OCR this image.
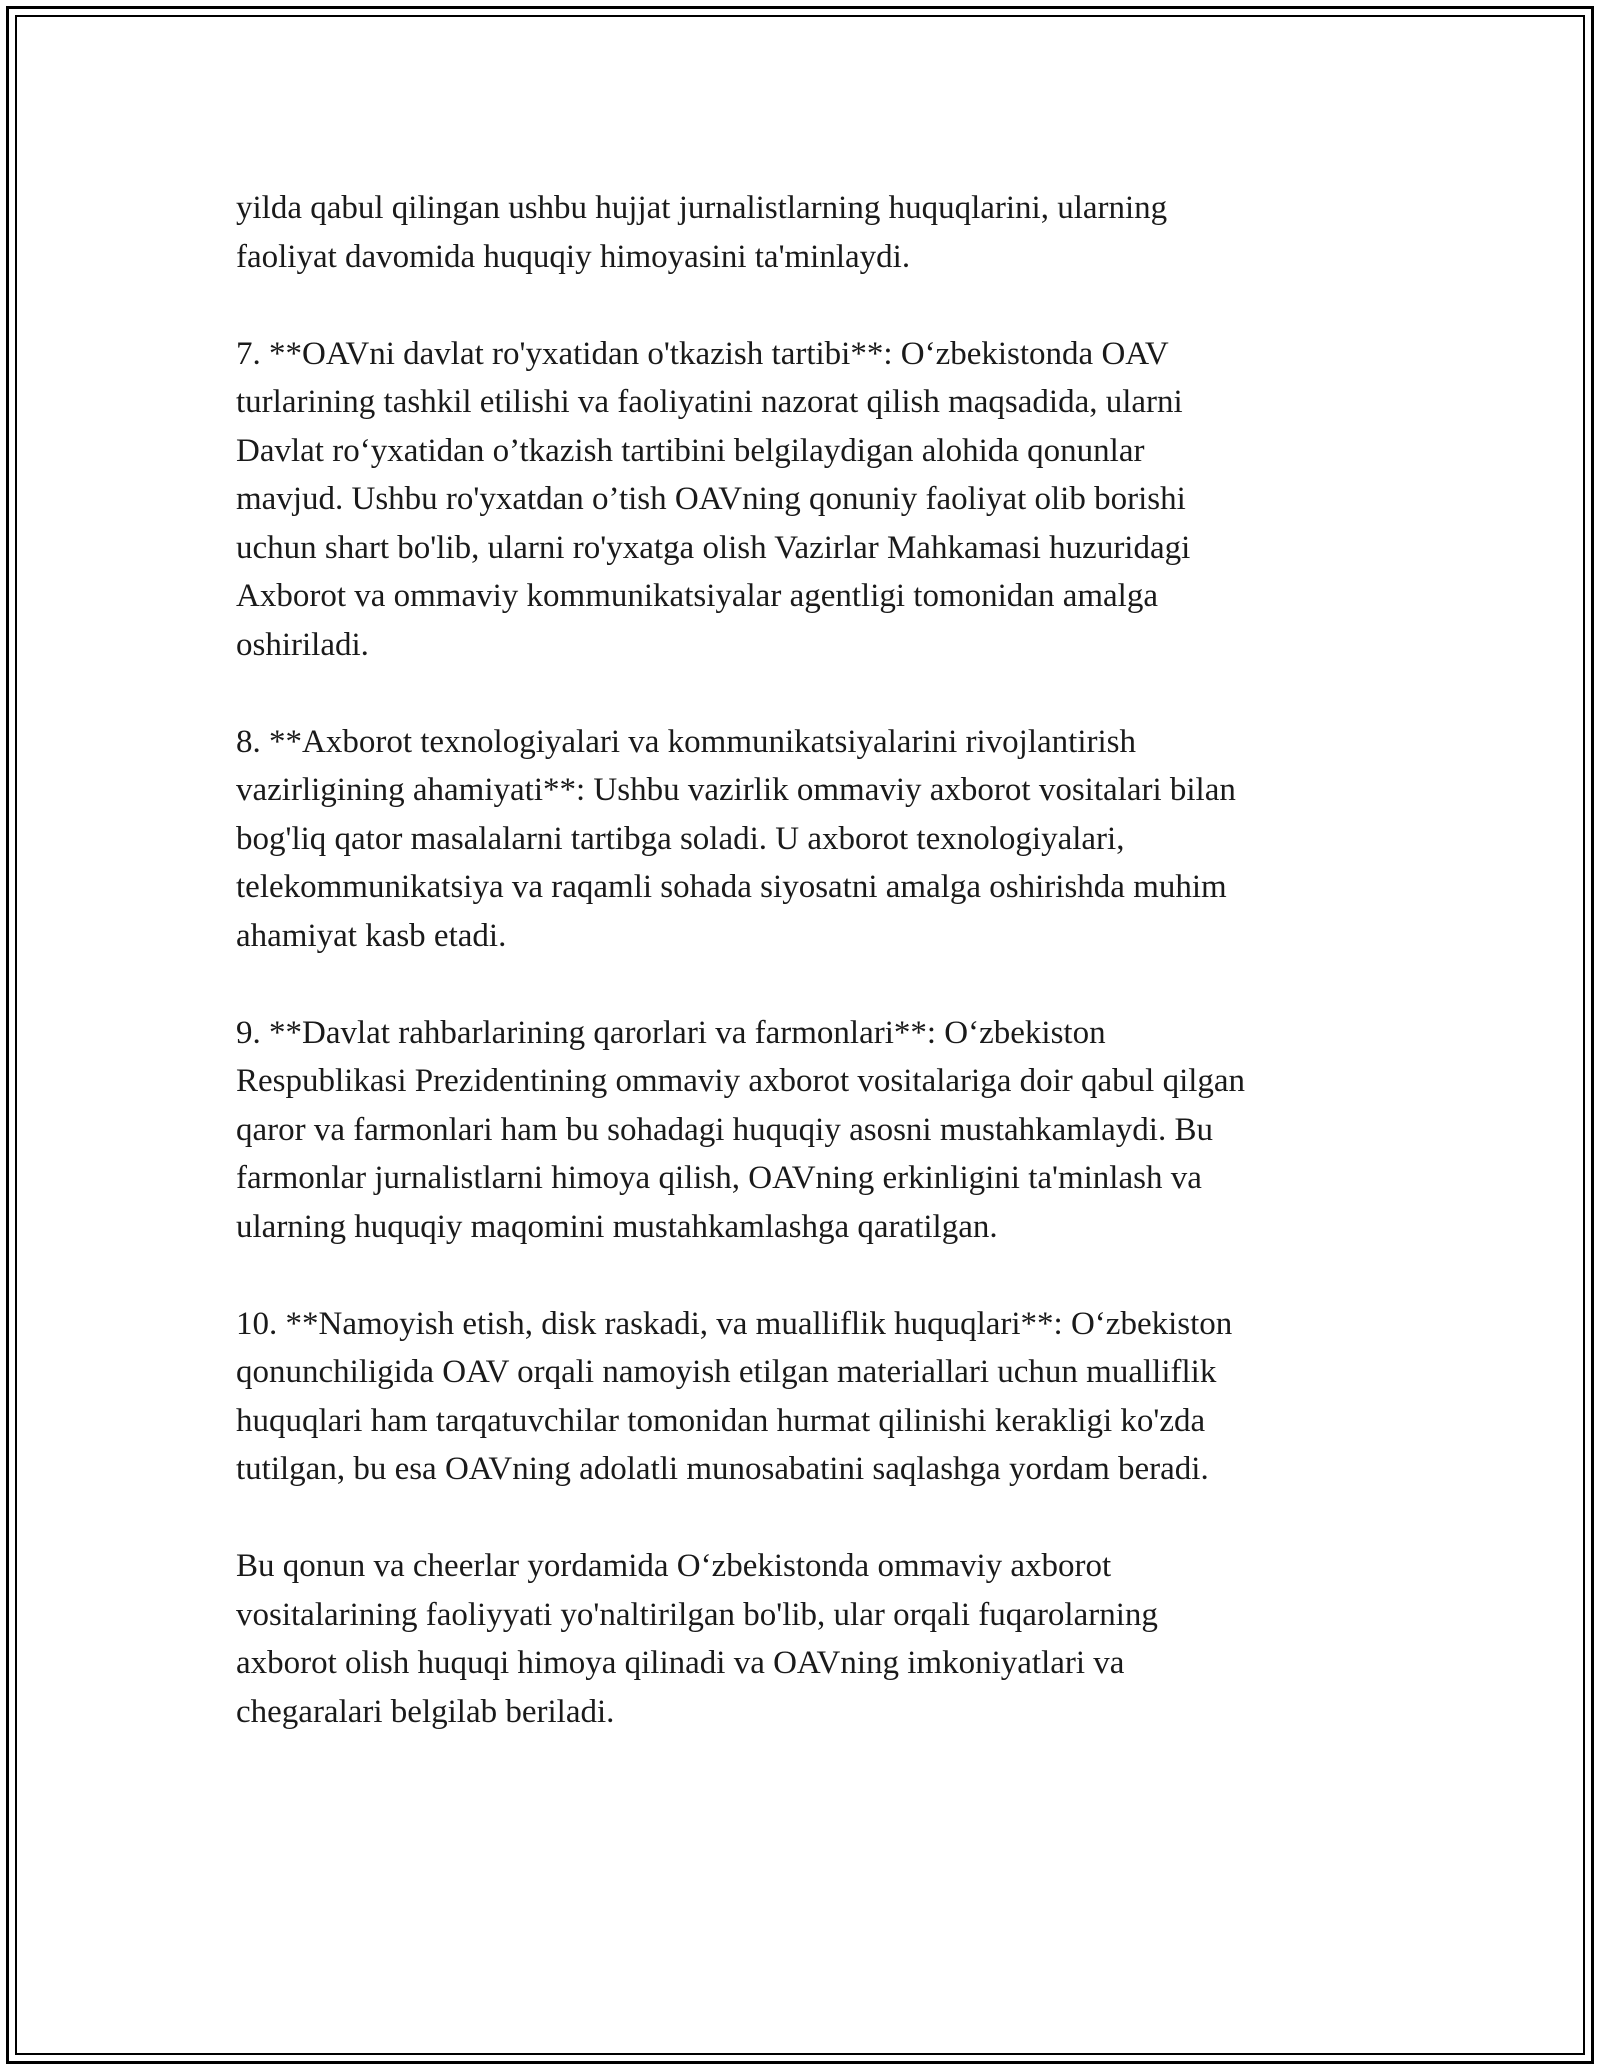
yilda qabul qilingan ushbu hujjat jurnalistlarning huquqlarini, ularning
faoliyat davomida huquqiy himoyasini ta'minlaydi.

7. **OAVni davlat ro'yxatidan o'tkazish tartibi**: O‘zbekistonda OAV
turlarining tashkil etilishi va faoliyatini nazorat qilish maqsadida, ularni
Davlat ro‘yxatidan o’tkazish tartibini belgilaydigan alohida qonunlar
mavjud. Ushbu ro'yxatdan o’tish OAVning qonuniy faoliyat olib borishi
uchun shart bo'lib, ularni ro'yxatga olish Vazirlar Mahkamasi huzuridagi
Axborot va ommaviy kommunikatsiyalar agentligi tomonidan amalga
oshiriladi.

8. **Axborot texnologiyalari va kommunikatsiyalarini rivojlantirish
vazirligining ahamiyati**: Ushbu vazirlik ommaviy axborot vositalari bilan
bog'liq qator masalalarni tartibga soladi. U axborot texnologiyalari,
telekommunikatsiya va raqamli sohada siyosatni amalga oshirishda muhim
ahamiyat kasb etadi.

9. **Davlat rahbarlarining qarorlari va farmonlari**: O‘zbekiston
Respublikasi Prezidentining ommaviy axborot vositalariga doir qabul qilgan
qaror va farmonlari ham bu sohadagi huquqiy asosni mustahkamlaydi. Bu
farmonlar jurnalistlarni himoya qilish, OAVning erkinligini ta'minlash va
ularning huquqiy maqomini mustahkamlashga qaratilgan.

10. **Namoyish etish, disk raskadi, va mualliflik huquqlari**: O‘zbekiston
qonunchiligida OAV orqali namoyish etilgan materiallari uchun mualliflik
huquqlari ham tarqatuvchilar tomonidan hurmat qilinishi kerakligi ko'zda
tutilgan, bu esa OAVning adolatli munosabatini saqlashga yordam beradi.

Bu qonun va cheerlar yordamida O‘zbekistonda ommaviy axborot
vositalarining faoliyyati yo'naltirilgan bo'lib, ular orqali fuqarolarning
axborot olish huquqi himoya qilinadi va OAVning imkoniyatlari va
chegaralari belgilab beriladi.
